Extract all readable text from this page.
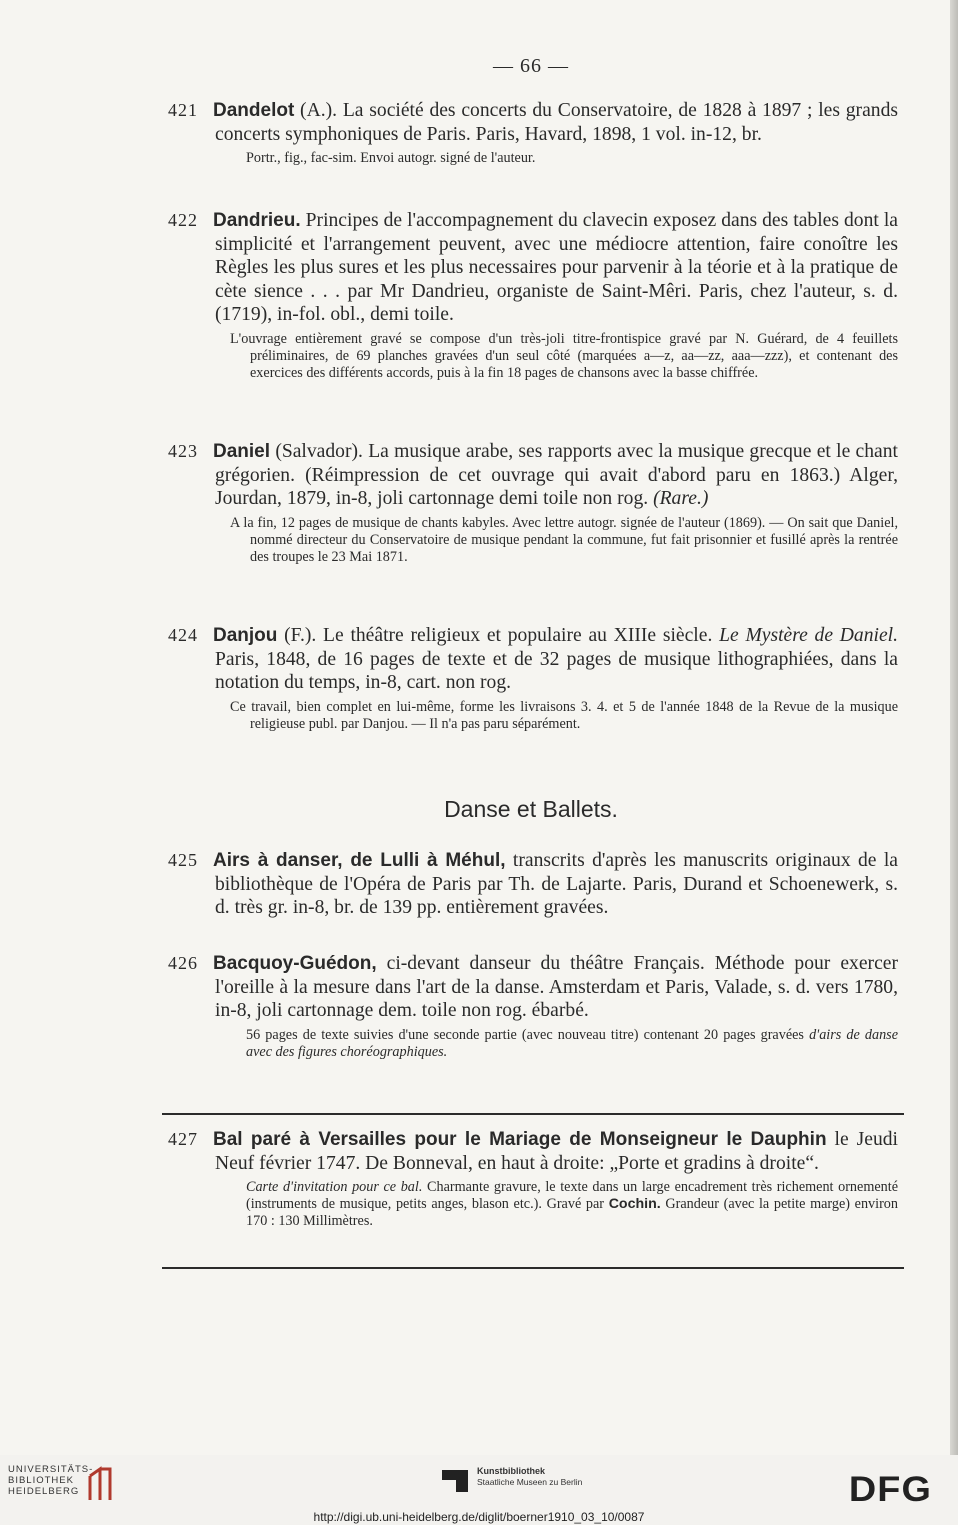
— 66 —

421 Dandelot (A.). La société des concerts du Conservatoire, de 1828 à 1897 ; les grands concerts symphoniques de Paris. Paris, Havard, 1898, 1 vol. in-12, br.

Portr., fig., fac-sim. Envoi autogr. signé de l'auteur.

422 Dandrieu. Principes de l'accompagnement du clavecin exposez dans des tables dont la simplicité et l'arrangement peuvent, avec une médiocre attention, faire conoître les Règles les plus sures et les plus necessaires pour parvenir à la téorie et à la pratique de cète sience . . . par Mr Dandrieu, organiste de Saint-Mêri. Paris, chez l'auteur, s. d. (1719), in-fol. obl., demi toile.

L'ouvrage entièrement gravé se compose d'un très-joli titre-frontispice gravé par N. Guérard, de 4 feuillets préliminaires, de 69 planches gravées d'un seul côté (marquées a—z, aa—zz, aaa—zzz), et contenant des exercices des différents accords, puis à la fin 18 pages de chansons avec la basse chiffrée.

423 Daniel (Salvador). La musique arabe, ses rapports avec la musique grecque et le chant grégorien. (Réimpression de cet ouvrage qui avait d'abord paru en 1863.) Alger, Jourdan, 1879, in-8, joli cartonnage demi toile non rog. (Rare.)

A la fin, 12 pages de musique de chants kabyles. Avec lettre autogr. signée de l'auteur (1869). — On sait que Daniel, nommé directeur du Conservatoire de musique pendant la commune, fut fait prisonnier et fusillé après la rentrée des troupes le 23 Mai 1871.

424 Danjou (F.). Le théâtre religieux et populaire au XIIIe siècle. Le Mystère de Daniel. Paris, 1848, de 16 pages de texte et de 32 pages de musique lithographiées, dans la notation du temps, in-8, cart. non rog.

Ce travail, bien complet en lui-même, forme les livraisons 3. 4. et 5 de l'année 1848 de la Revue de la musique religieuse publ. par Danjou. — Il n'a pas paru séparément.

Danse et Ballets.

425 Airs à danser, de Lulli à Méhul, transcrits d'après les manuscrits originaux de la bibliothèque de l'Opéra de Paris par Th. de Lajarte. Paris, Durand et Schoenewerk, s. d. très gr. in-8, br. de 139 pp. entièrement gravées.

426 Bacquoy-Guédon, ci-devant danseur du théâtre Français. Méthode pour exercer l'oreille à la mesure dans l'art de la danse. Amsterdam et Paris, Valade, s. d. vers 1780, in-8, joli cartonnage dem. toile non rog. ébarbé.

56 pages de texte suivies d'une seconde partie (avec nouveau titre) contenant 20 pages gravées d'airs de danse avec des figures choréographiques.

427 Bal paré à Versailles pour le Mariage de Monseigneur le Dauphin le Jeudi Neuf février 1747. De Bonneval, en haut à droite: „Porte et gradins à droite“.

Carte d'invitation pour ce bal. Charmante gravure, le texte dans un large encadrement très richement ornementé (instruments de musique, petits anges, blason etc.). Gravé par Cochin. Grandeur (avec la petite marge) environ 170 : 130 Millimètres.

UNIVERSITÄTS-
BIBLIOTHEK
HEIDELBERG
Kunstbibliothek
Staatliche Museen zu Berlin	DFG
http://digi.ub.uni-heidelberg.de/diglit/boerner1910_03_10/0087
